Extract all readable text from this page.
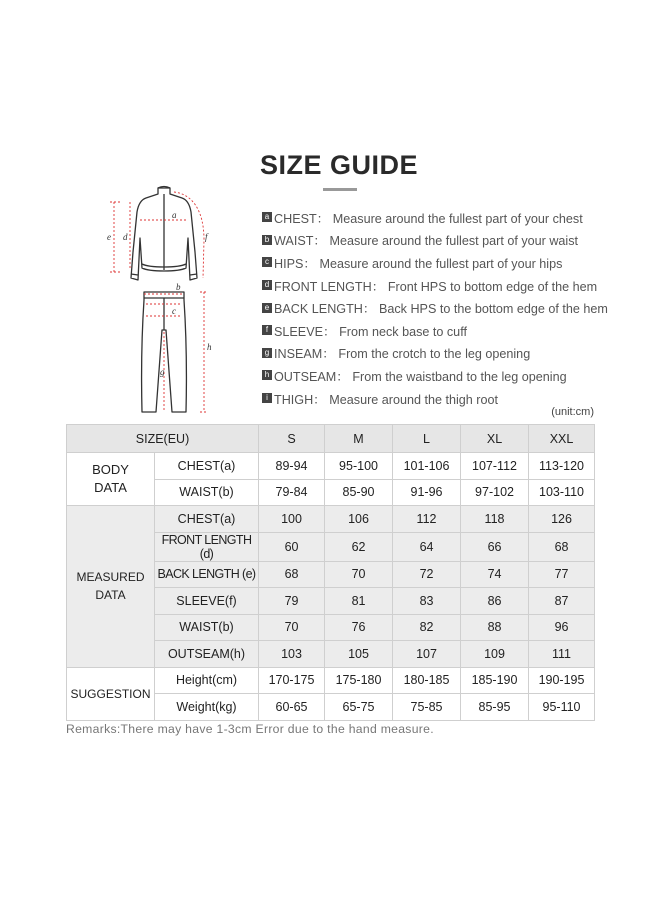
SIZE GUIDE
a
d
e	f
b
c
g
h
a CHEST： Measure around the fullest part of your chest
b WAIST： Measure around the fullest part of your waist
c HIPS： Measure around the fullest part of your hips
d FRONT LENGTH： Front HPS to bottom edge of the hem
e BACK LENGTH： Back HPS to the bottom edge of the hem
f SLEEVE： From neck base to cuff
g INSEAM： From the crotch to the leg opening
h OUTSEAM： From the waistband to the leg opening
i THIGH： Measure around the thigh root
(unit:cm)
SIZE(EU)		S	M	L	XL	XXL
BODY
DATA	CHEST(a)	89-94	95-100	101-106	107-112	113-120
	WAIST(b)	79-84	85-90	91-96	97-102	103-110
MEASURED
DATA	CHEST(a)	100	106	112	118	126
	FRONT LENGTH (d)	60	62	64	66	68
	BACK LENGTH (e)	68	70	72	74	77
	SLEEVE(f)	79	81	83	86	87
	WAIST(b)	70	76	82	88	96
	OUTSEAM(h)	103	105	107	109	111
SUGGESTION	Height(cm)	170-175	175-180	180-185	185-190	190-195
	Weight(kg)	60-65	65-75	75-85	85-95	95-110
Remarks:There may have 1-3cm Error due to the hand measure.
